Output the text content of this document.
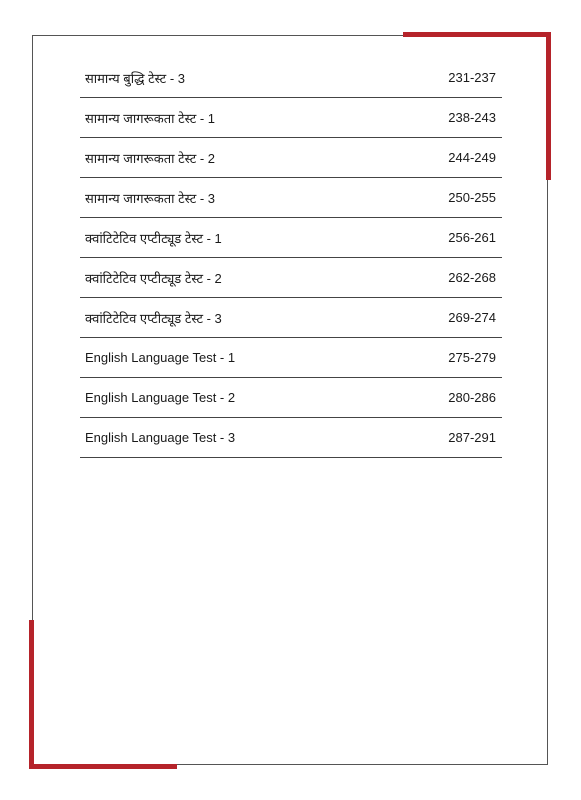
सामान्य बुद्धि टेस्ट - 3	231-237
सामान्य जागरूकता टेस्ट - 1	238-243
सामान्य जागरूकता टेस्ट - 2	244-249
सामान्य जागरूकता टेस्ट - 3	250-255
क्वांटिटेटिव एप्टीट्यूड टेस्ट - 1	256-261
क्वांटिटेटिव एप्टीट्यूड टेस्ट - 2	262-268
क्वांटिटेटिव एप्टीट्यूड टेस्ट - 3	269-274
English Language Test - 1	275-279
English Language Test - 2	280-286
English Language Test - 3	287-291
